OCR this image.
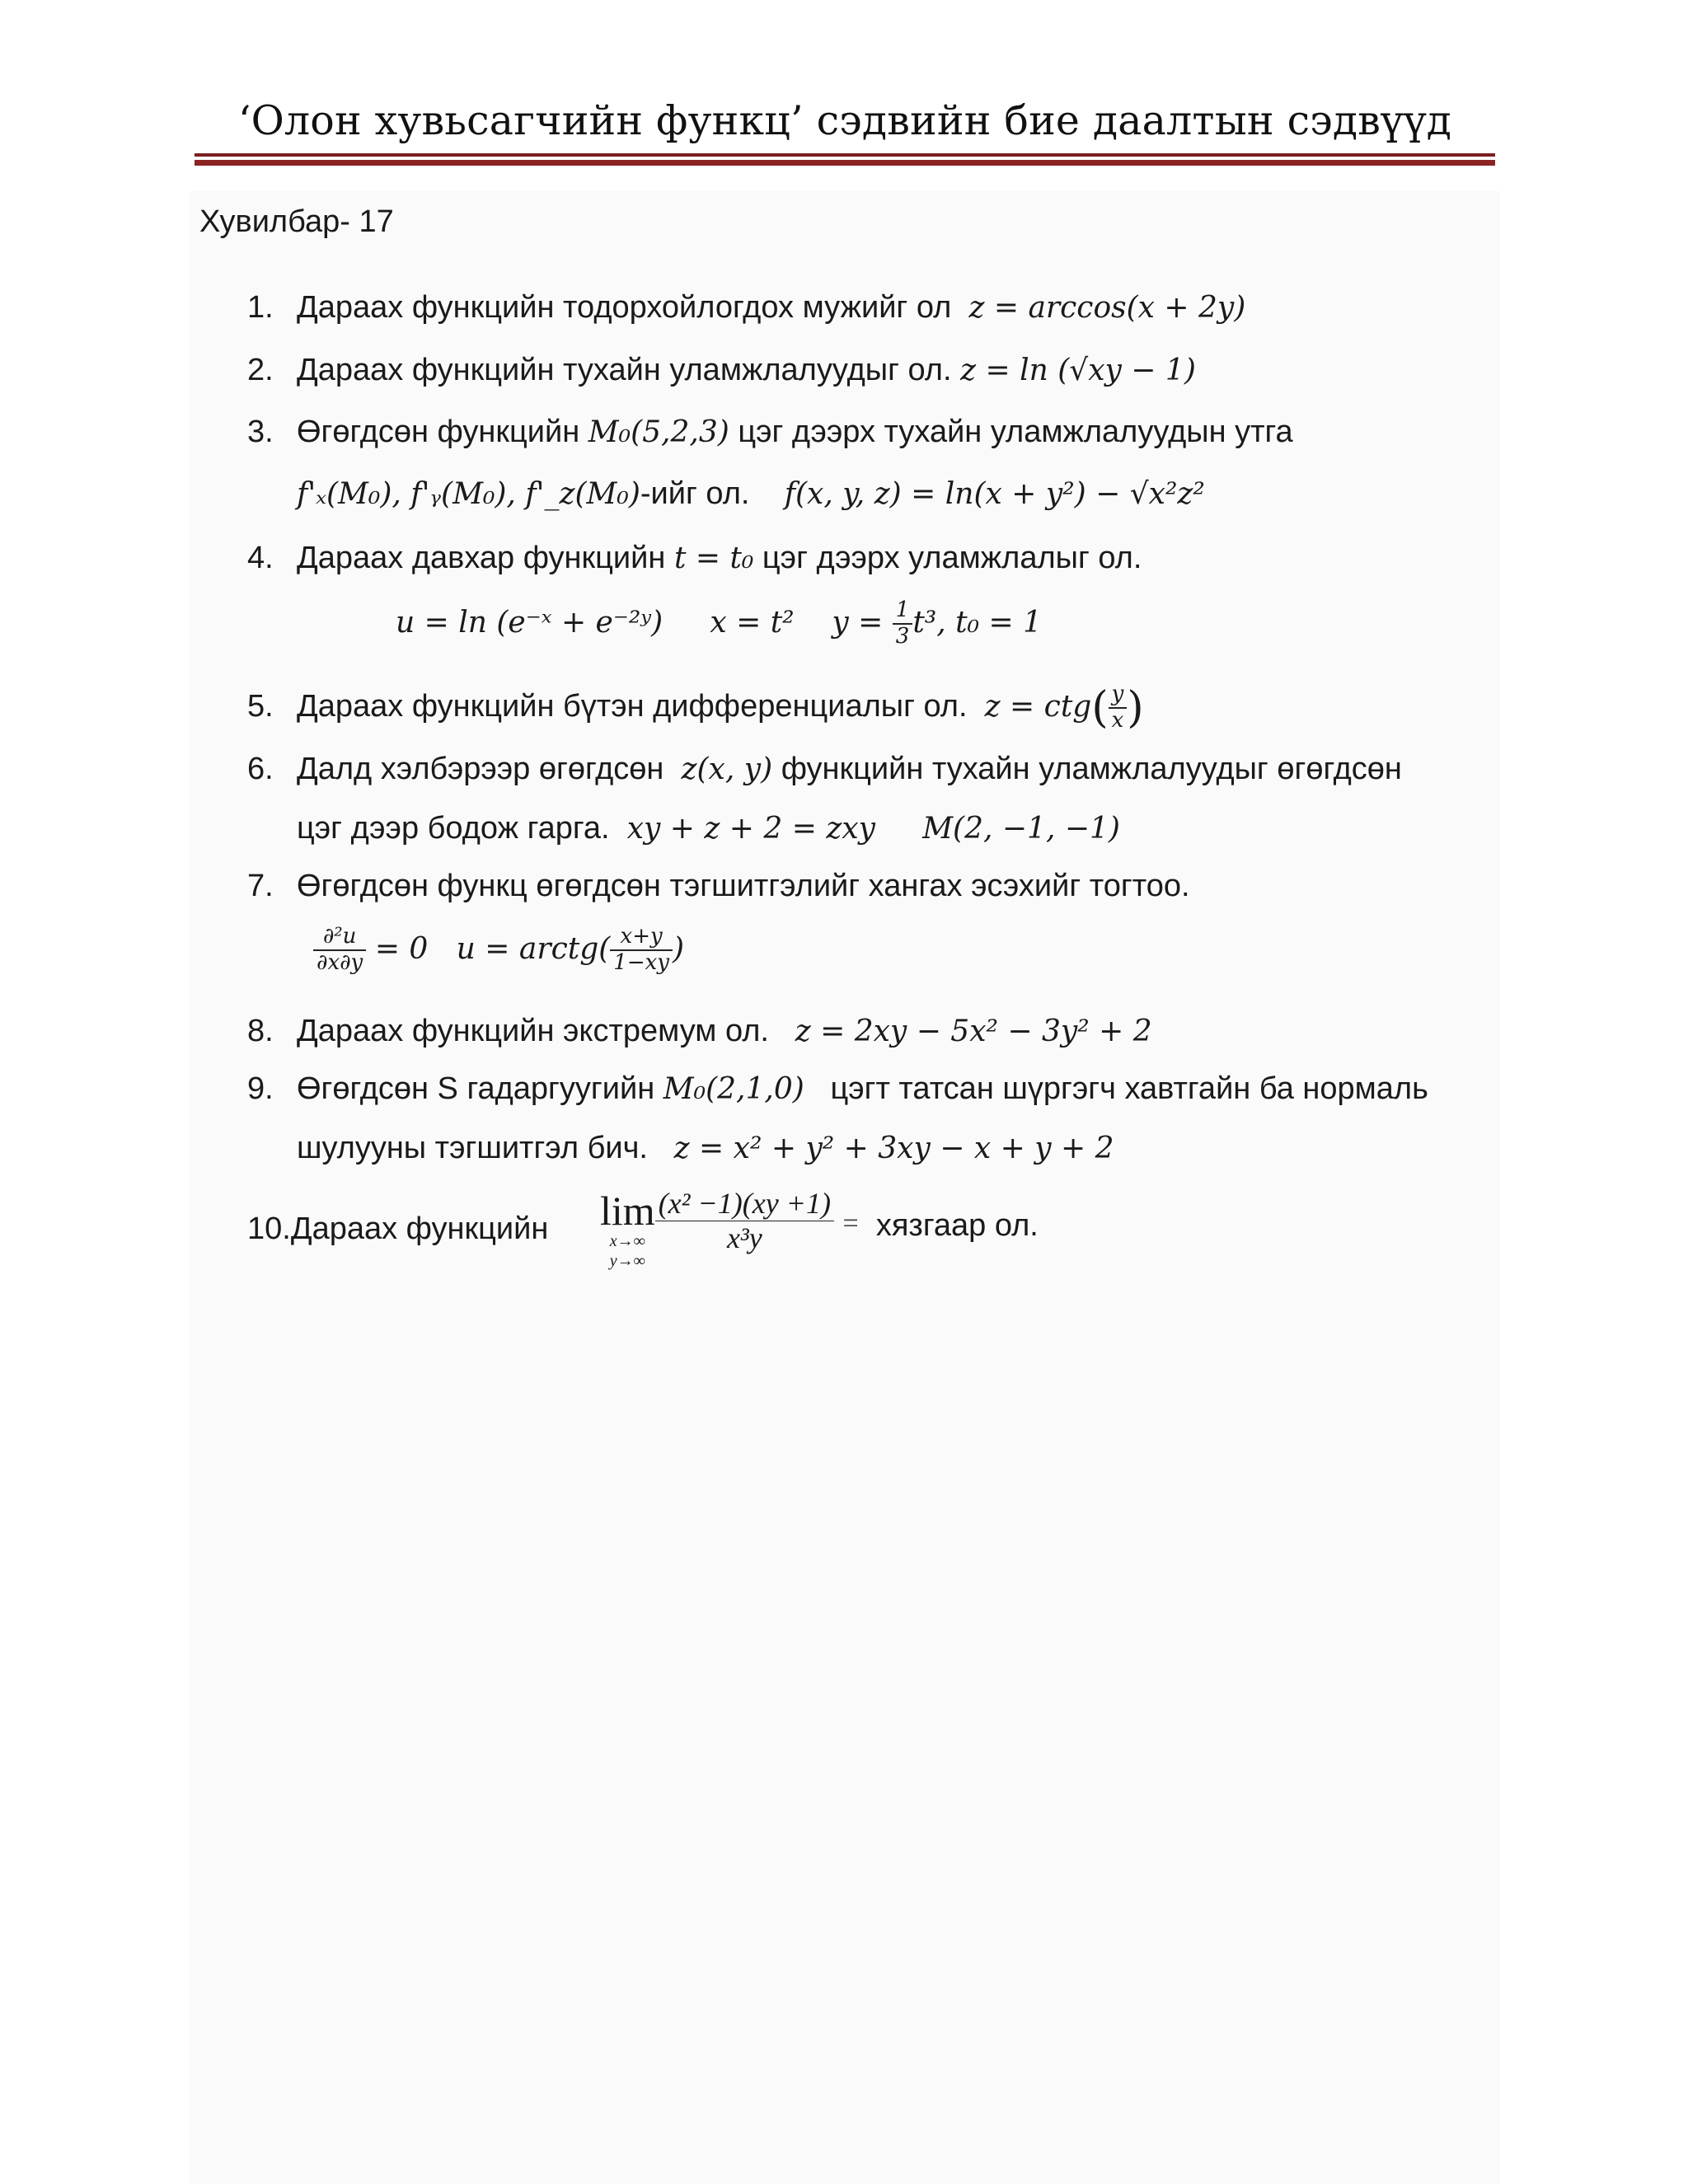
‘Олон хувьсагчийн функц’ сэдвийн бие даалтын сэдвүүд
Хувилбар- 17
1. Дараах функцийн тодорхойлогдох мужийг ол z = arccos(x + 2y)
2. Дараах функцийн тухайн уламжлалуудыг ол. z = ln (√xy − 1)
3. Өгөгдсөн функцийн M₀(5,2,3) цэг дээрх тухайн уламжлалуудын утга
f'ₓ(M₀), f'ᵧ(M₀), f'_z(M₀)-ийг ол. f(x, y, z) = ln(x + y²) − √x²z²
4. Дараах давхар функцийн t = t₀ цэг дээрх уламжлалыг ол.
u = ln (e⁻ˣ + e⁻²ʸ)     x = t²    $y = \frac{1}{3} t^3$, t₀ = 1
5. Дараах функцийн бүтэн дифференциалыг ол. $z = ctg( \frac{y}{x}$ )
6. Далд хэлбэрээр өгөгдсөн z(x, y) функцийн тухайн уламжлалуудыг өгөгдсөн
цэг дээр бодож гарга. xy + z + 2 = zxy     M(2, −1, −1)
7. Өгөгдсөн функц өгөгдсөн тэгшитгэлийг хангах эсэхийг тогтоо.
$\frac{\text{∂²u}}{\partial x\partial y} = 0$   u = arctg( $\frac{x+y}{1-xy}$ )
8. Дараах функцийн экстремум ол. z = 2xy − 5x² − 3y² + 2
9. Өгөгдсөн S гадаргуугийн M₀(2,1,0) цэгт татсан шүргэгч хавтгайн ба нормаль
шулууны тэгшитгэл бич. z = x² + y² + 3xy − x + y + 2
10.Дараах функцийн lim
x→∞
y→∞
$\frac{\text{(x² −1)(xy +1)}}{\text{x³y}}$ = хязгаар ол.
